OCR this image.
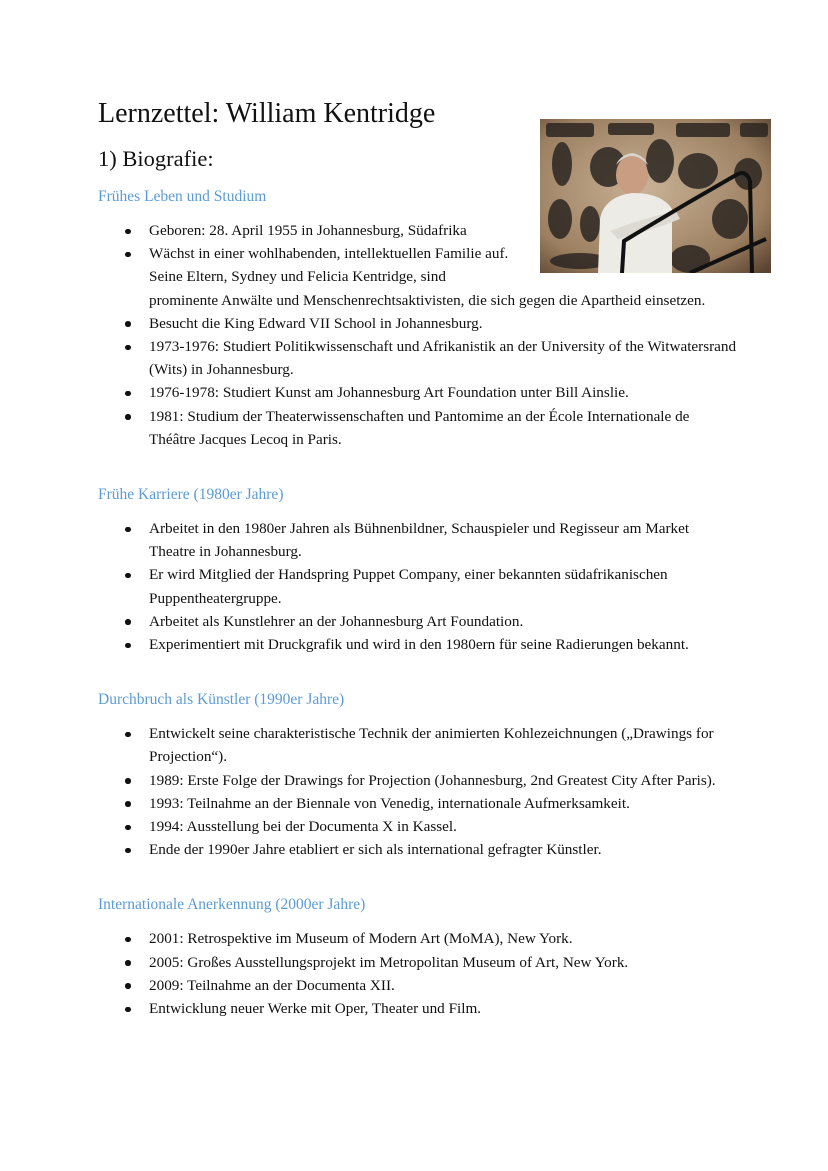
Lernzettel: William Kentridge
1) Biografie:

Frühes Leben und Studium

Geboren: 28. April 1955 in Johannesburg, Südafrika
Wächst in einer wohlhabenden, intellektuellen Familie auf. Seine Eltern, Sydney und Felicia Kentridge, sind
prominente Anwälte und Menschenrechtsaktivisten, die sich gegen die Apartheid einsetzen.
Besucht die King Edward VII School in Johannesburg.
1973-1976: Studiert Politikwissenschaft und Afrikanistik an der University of the Witwatersrand (Wits) in Johannesburg.
1976-1978: Studiert Kunst am Johannesburg Art Foundation unter Bill Ainslie.
1981: Studium der Theaterwissenschaften und Pantomime an der École Internationale de Théâtre Jacques Lecoq in Paris.

Frühe Karriere (1980er Jahre)

Arbeitet in den 1980er Jahren als Bühnenbildner, Schauspieler und Regisseur am Market Theatre in Johannesburg.
Er wird Mitglied der Handspring Puppet Company, einer bekannten südafrikanischen Puppentheatergruppe.
Arbeitet als Kunstlehrer an der Johannesburg Art Foundation.
Experimentiert mit Druckgrafik und wird in den 1980ern für seine Radierungen bekannt.

Durchbruch als Künstler (1990er Jahre)

Entwickelt seine charakteristische Technik der animierten Kohlezeichnungen („Drawings for Projection“).
1989: Erste Folge der Drawings for Projection (Johannesburg, 2nd Greatest City After Paris).
1993: Teilnahme an der Biennale von Venedig, internationale Aufmerksamkeit.
1994: Ausstellung bei der Documenta X in Kassel.
Ende der 1990er Jahre etabliert er sich als international gefragter Künstler.

Internationale Anerkennung (2000er Jahre)

2001: Retrospektive im Museum of Modern Art (MoMA), New York.
2005: Großes Ausstellungsprojekt im Metropolitan Museum of Art, New York.
2009: Teilnahme an der Documenta XII.
Entwicklung neuer Werke mit Oper, Theater und Film.
